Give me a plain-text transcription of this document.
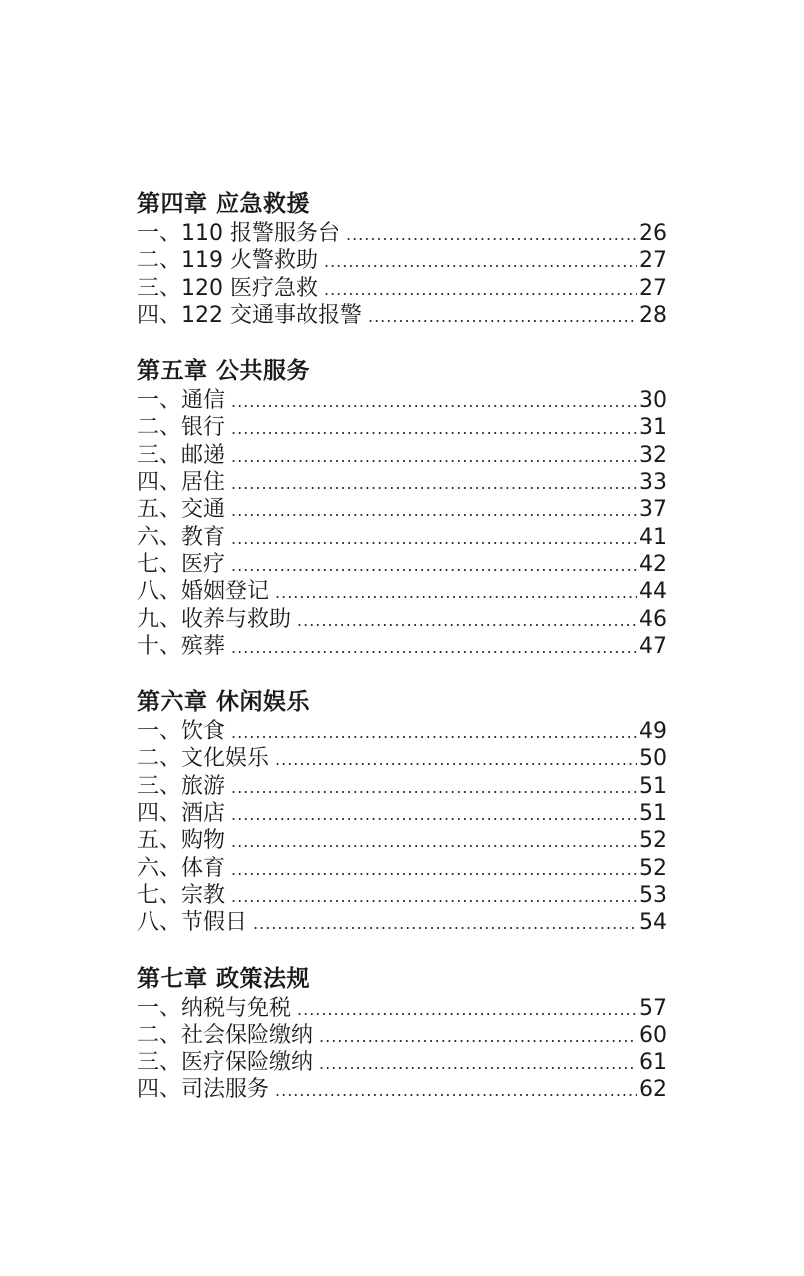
第四章 应急救援
一、110 报警服务台 .....	26
二、119 火警救助 .....	27
三、120 医疗急救 .....	27
四、122 交通事故报警 .....	28
第五章 公共服务
一、通信 .....	30
二、银行 .....	31
三、邮递 .....	32
四、居住 .....	33
五、交通 .....	37
六、教育 .....	41
七、医疗 .....	42
八、婚姻登记 .....	44
九、收养与救助 .....	46
十、殡葬 .....	47
第六章 休闲娱乐
一、饮食 .....	49
二、文化娱乐 .....	50
三、旅游 .....	51
四、酒店 .....	51
五、购物 .....	52
六、体育 .....	52
七、宗教 .....	53
八、节假日 .....	54
第七章 政策法规
一、纳税与免税 .....	57
二、社会保险缴纳 .....	60
三、医疗保险缴纳 .....	61
四、司法服务 .....	62
